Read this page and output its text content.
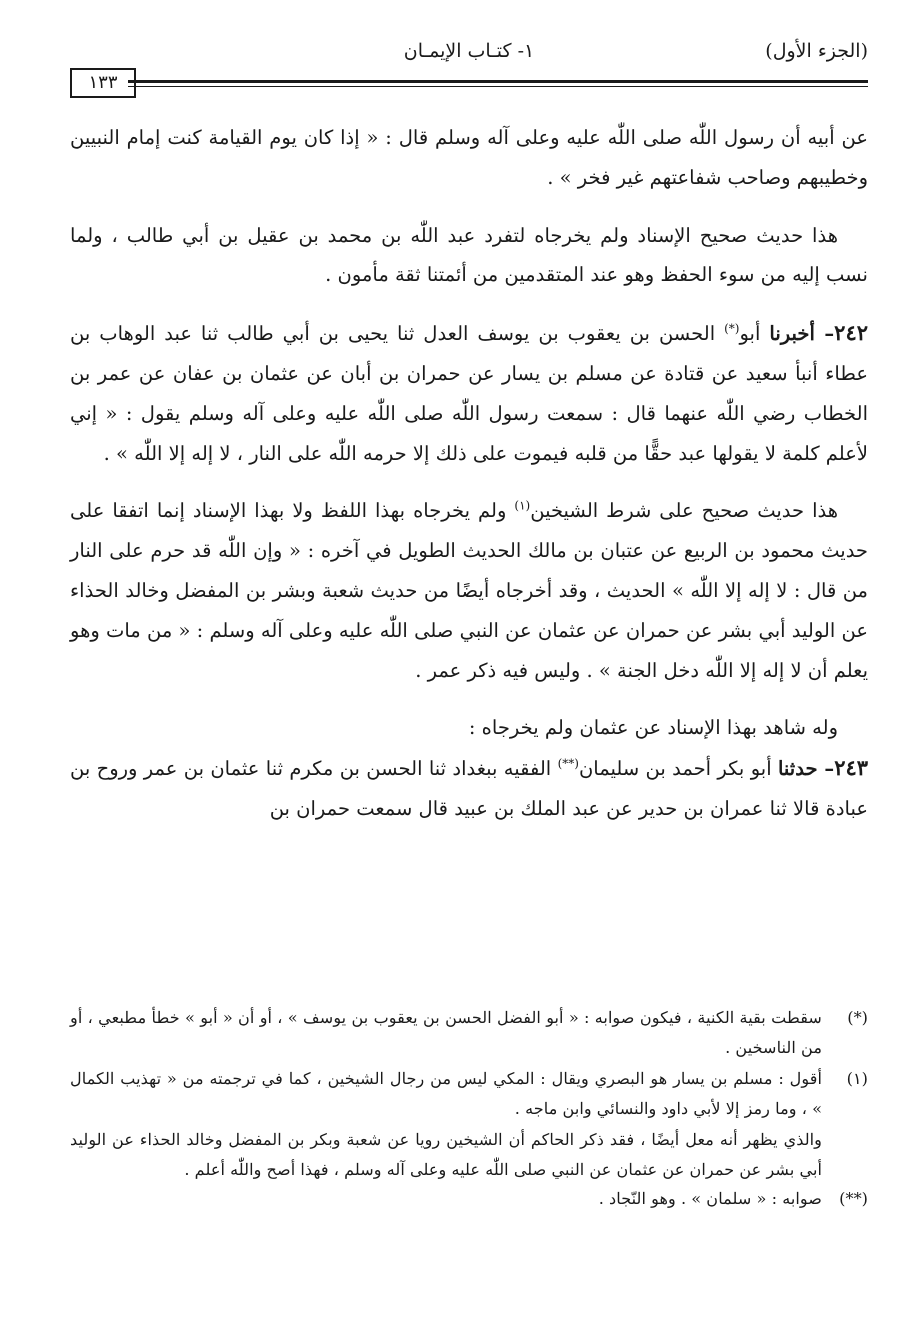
(الجزء الأول)
١- كتـاب الإيمـان
١٣٣

عن أبيه أن رسول اللّٰه صلى اللّٰه عليه وعلى آله وسلم قال : « إذا كان يوم القيامة كنت إمام النبيين وخطيبهم وصاحب شفاعتهم غير فخر » .

هذا حديث صحيح الإسناد ولم يخرجاه لتفرد عبد اللّٰه بن محمد بن عقيل بن أبي طالب ، ولما نسب إليه من سوء الحفظ وهو عند المتقدمين من أئمتنا ثقة مأمون .

٢٤٢– أخبرنا أبو(*) الحسن بن يعقوب بن يوسف العدل ثنا يحيى بن أبي طالب ثنا عبد الوهاب بن عطاء أنبأ سعيد عن قتادة عن مسلم بن يسار عن حمران بن أبان عن عثمان بن عفان عن عمر بن الخطاب رضي اللّٰه عنهما قال : سمعت رسول اللّٰه صلى اللّٰه عليه وعلى آله وسلم يقول : « إني لأعلم كلمة لا يقولها عبد حقًّا من قلبه فيموت على ذلك إلا حرمه اللّٰه على النار ، لا إله إلا اللّٰه » .

هذا حديث صحيح على شرط الشيخين$^{(١)}$ ولم يخرجاه بهذا اللفظ ولا بهذا الإسناد إنما اتفقا على حديث محمود بن الربيع عن عتبان بن مالك الحديث الطويل في آخره : « وإن اللّٰه قد حرم على النار من قال : لا إله إلا اللّٰه » الحديث ، وقد أخرجاه أيضًا من حديث شعبة وبشر بن المفضل وخالد الحذاء عن الوليد أبي بشر عن حمران عن عثمان عن النبي صلى اللّٰه عليه وعلى آله وسلم : « من مات وهو يعلم أن لا إله إلا اللّٰه دخل الجنة » . وليس فيه ذكر عمر .

وله شاهد بهذا الإسناد عن عثمان ولم يخرجاه :

٢٤٣– حدثنا أبو بكر أحمد بن سليمان(**) الفقيه ببغداد ثنا الحسن بن مكرم ثنا عثمان بن عمر وروح بن عبادة قالا ثنا عمران بن حدير عن عبد الملك بن عبيد قال سمعت حمران بن

(*)
سقطت بقية الكنية ، فيكون صوابه : « أبو الفضل الحسن بن يعقوب بن يوسف » ، أو أن « أبو » خطأ مطبعي ، أو من الناسخين .
(١)
أقول : مسلم بن يسار هو البصري ويقال : المكي ليس من رجال الشيخين ، كما في ترجمته من « تهذيب الكمال » ، وما رمز إلا لأبي داود والنسائي وابن ماجه .
والذي يظهر أنه معل أيضًا ، فقد ذكر الحاكم أن الشيخين رويا عن شعبة وبكر بن المفضل وخالد الحذاء عن الوليد أبي بشر عن حمران عن عثمان عن النبي صلى اللّٰه عليه وعلى آله وسلم ، فهذا أصح واللّٰه أعلم .
(**)
صوابه : « سلمان » . وهو النّجاد .
